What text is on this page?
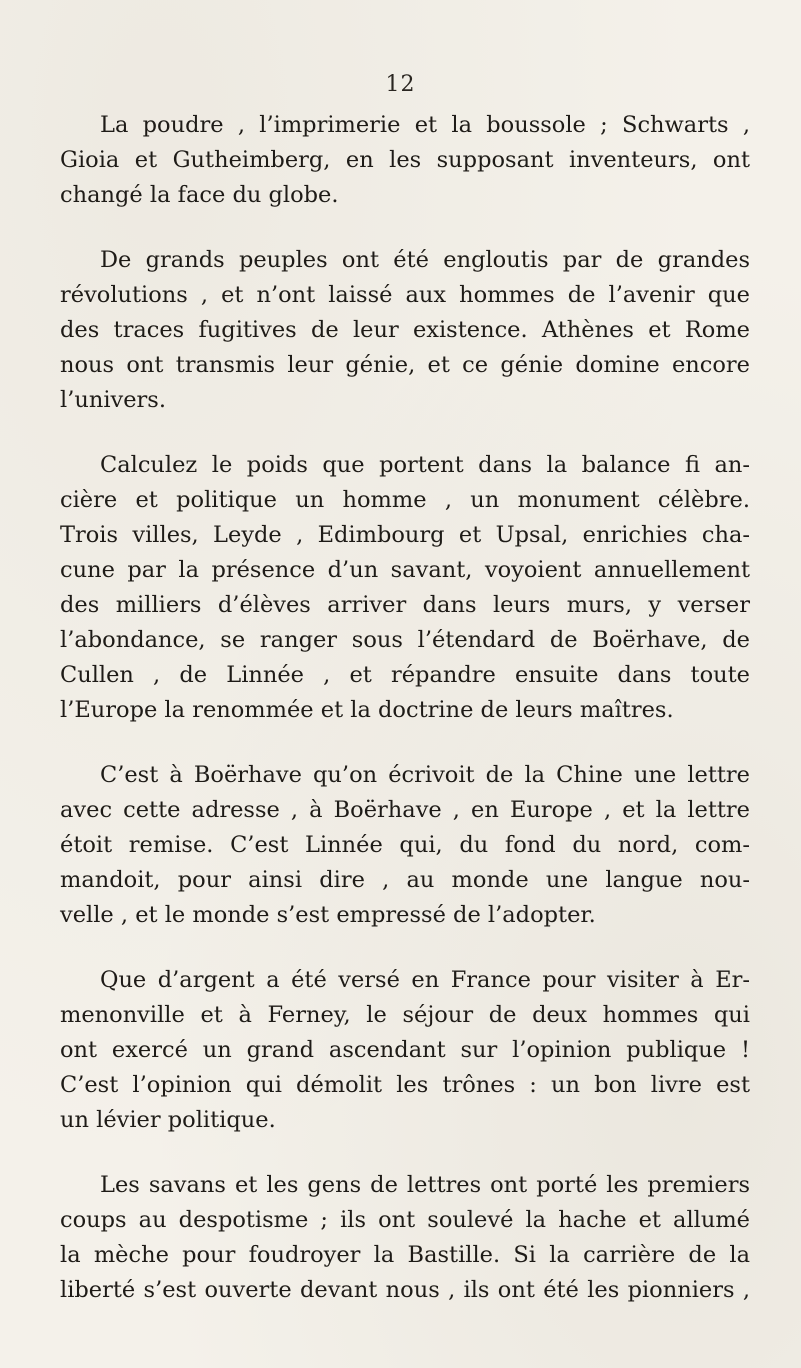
12

La poudre , l’imprimerie et la boussole ; Schwarts ,
Gioia et Gutheimberg, en les supposant inventeurs, ont
changé la face du globe.

De grands peuples ont été engloutis par de grandes
révolutions , et n’ont laissé aux hommes de l’avenir que
des traces fugitives de leur existence. Athènes et Rome
nous ont transmis leur génie, et ce génie domine encore
l’univers.

Calculez le poids que portent dans la balance fi an-
cière et politique un homme , un monument célèbre.
Trois villes, Leyde , Edimbourg et Upsal, enrichies cha-
cune par la présence d’un savant, voyoient annuellement
des milliers d’élèves arriver dans leurs murs, y verser
l’abondance, se ranger sous l’étendard de Boërhave, de
Cullen , de Linnée , et répandre ensuite dans toute
l’Europe la renommée et la doctrine de leurs maîtres.

C’est à Boërhave qu’on écrivoit de la Chine une lettre
avec cette adresse , à Boërhave , en Europe , et la lettre
étoit remise. C’est Linnée qui, du fond du nord, com-
mandoit, pour ainsi dire , au monde une langue nou-
velle , et le monde s’est empressé de l’adopter.

Que d’argent a été versé en France pour visiter à Er-
menonville et à Ferney, le séjour de deux hommes qui
ont exercé un grand ascendant sur l’opinion publique !
C’est l’opinion qui démolit les trônes : un bon livre est
un lévier politique.

Les savans et les gens de lettres ont porté les premiers
coups au despotisme ; ils ont soulevé la hache et allumé
la mèche pour foudroyer la Bastille. Si la carrière de la
liberté s’est ouverte devant nous , ils ont été les pionniers ,
